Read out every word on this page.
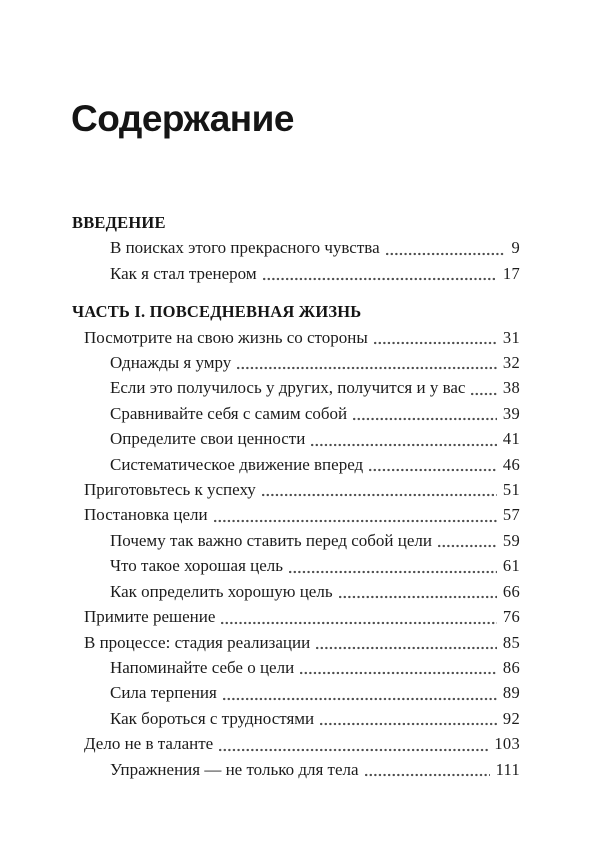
Содержание
ВВЕДЕНИЕ
В поисках этого прекрасного чувства	9
Как я стал тренером	17
ЧАСТЬ I. ПОВСЕДНЕВНАЯ ЖИЗНЬ
Посмотрите на свою жизнь со стороны	31
Однажды я умру	32
Если это получилось у других, получится и у вас 38
Сравнивайте себя с самим собой	39
Определите свои ценности	41
Систематическое движение вперед	46
Приготовьтесь к успеху	51
Постановка цели	57
Почему так важно ставить перед собой цели	59
Что такое хорошая цель	61
Как определить хорошую цель	66
Примите решение	76
В процессе: стадия реализации	85
Напоминайте себе о цели	86
Сила терпения	89
Как бороться с трудностями	92
Дело не в таланте	103
Упражнения — не только для тела	111
